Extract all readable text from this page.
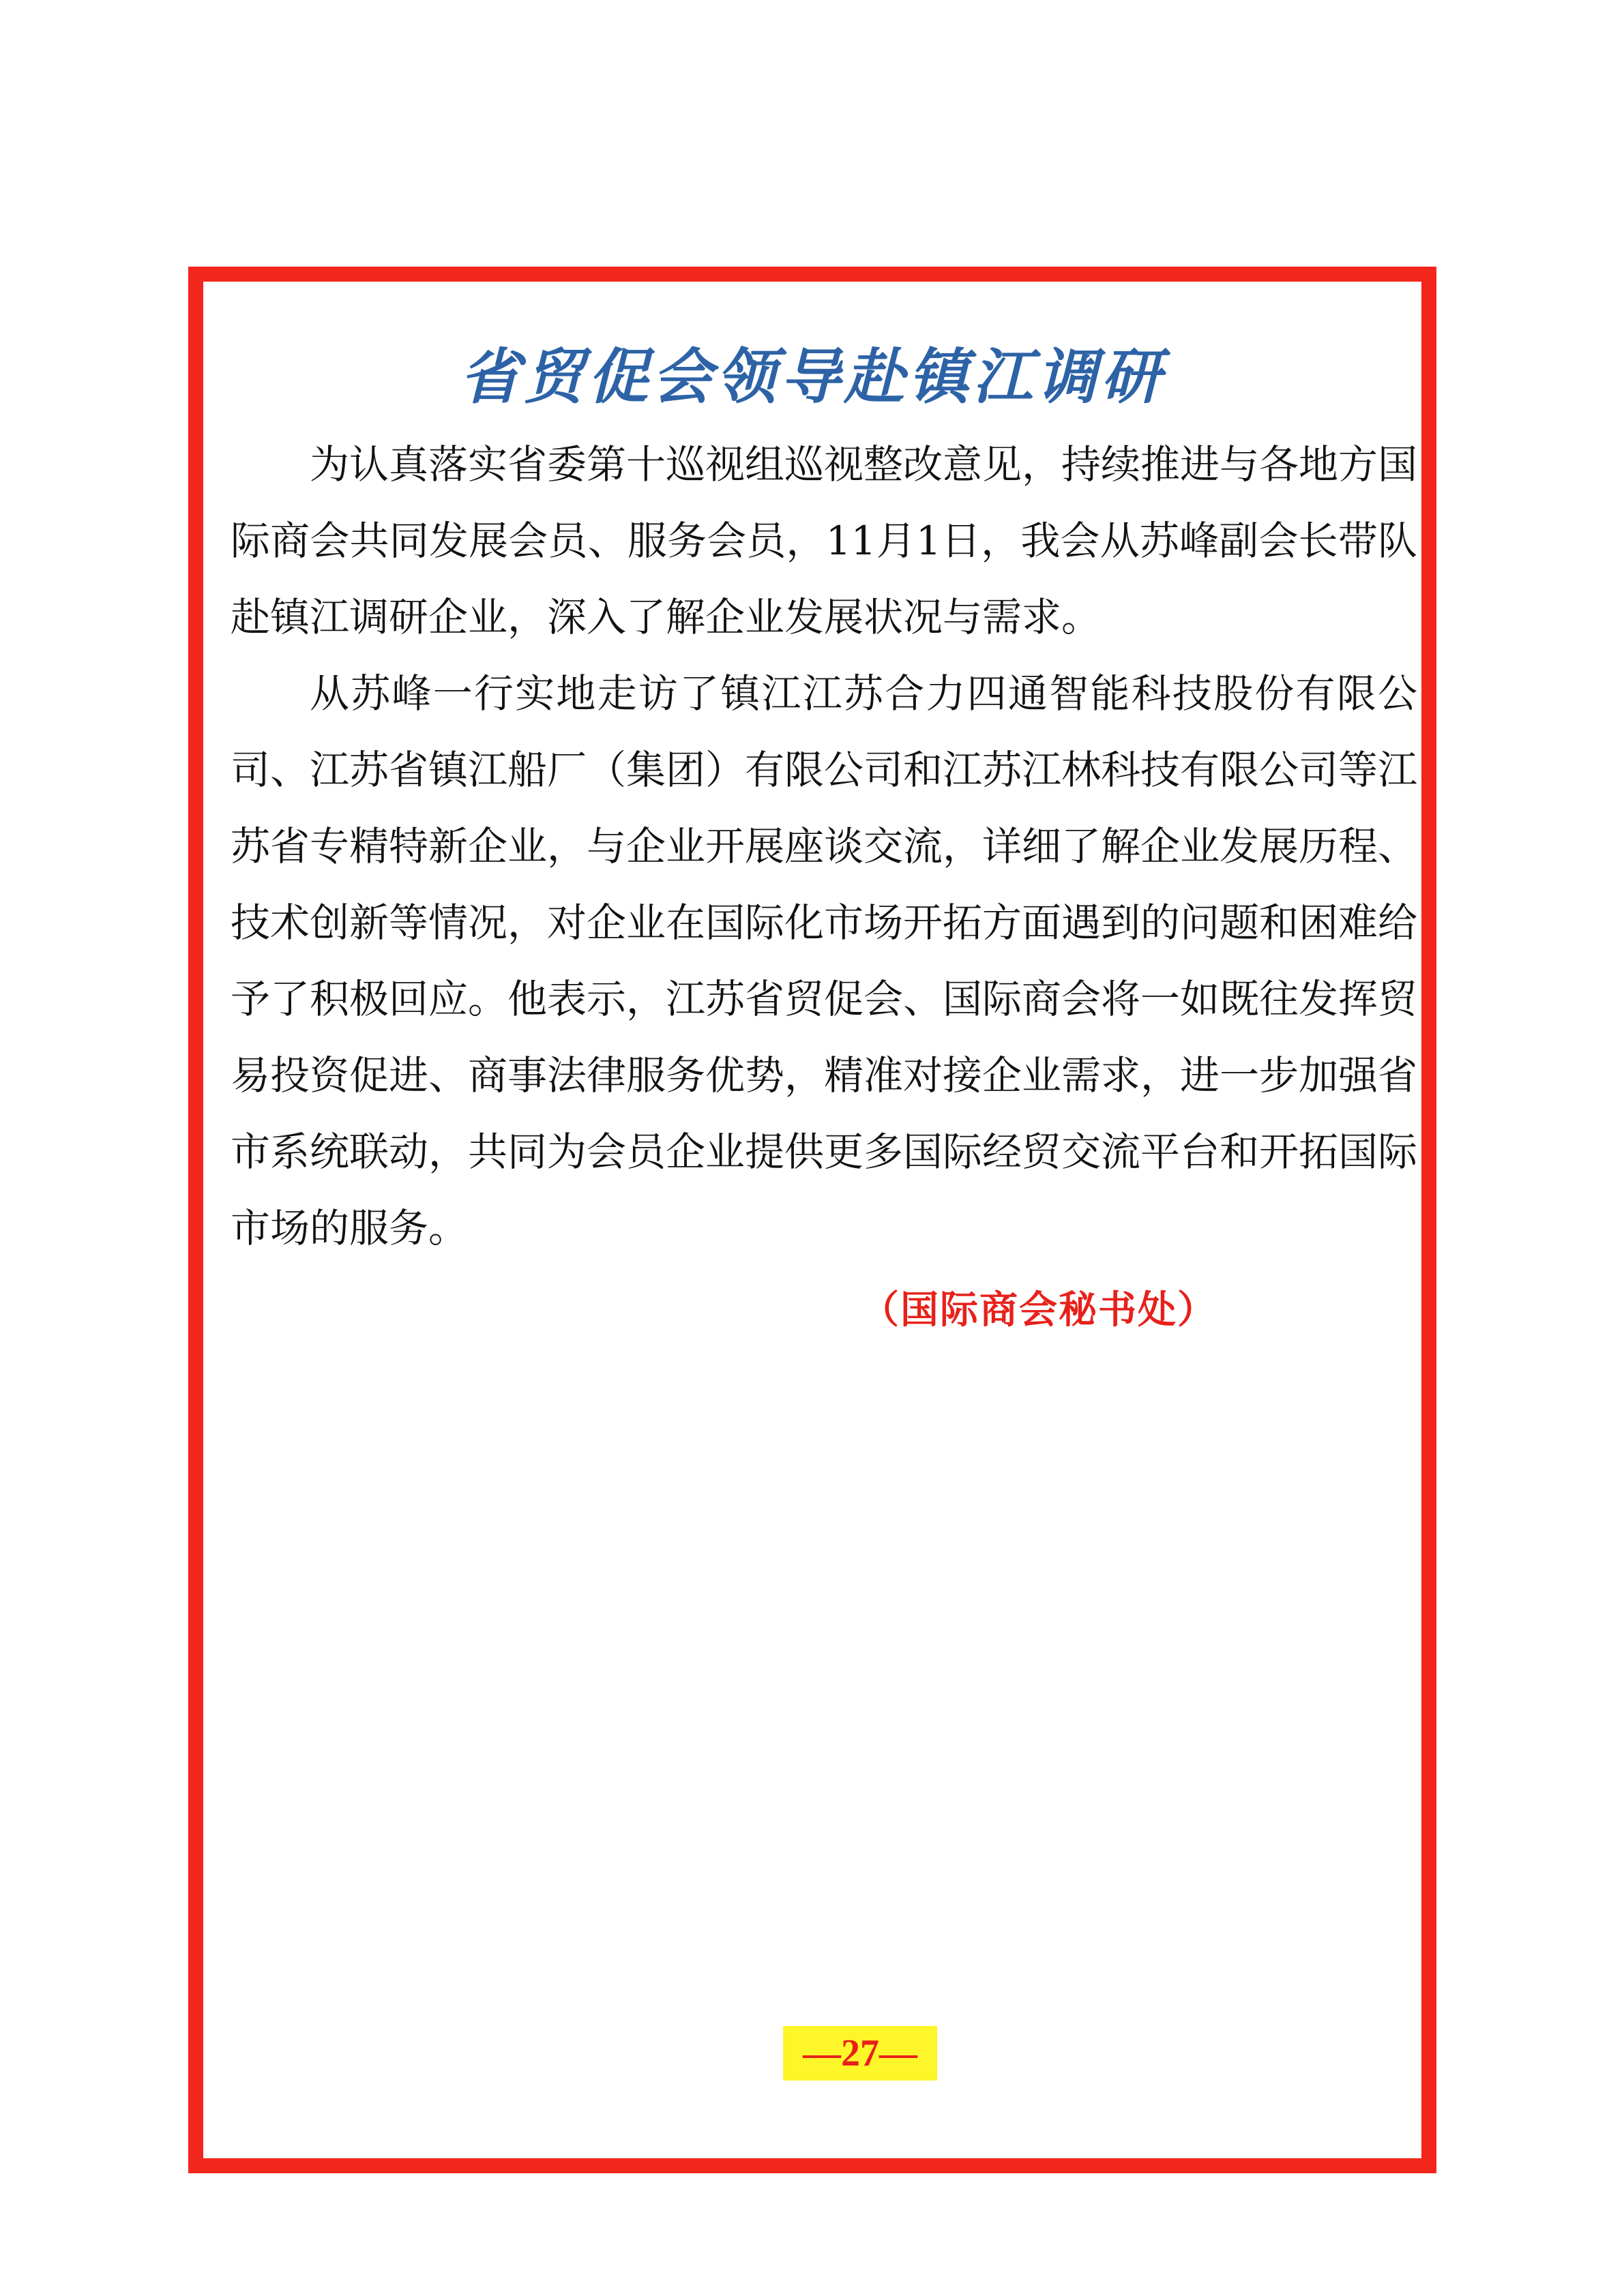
省贸促会领导赴镇江调研

为认真落实省委第十巡视组巡视整改意见，持续推进与各地方国际商会共同发展会员、服务会员，11月1日，我会从苏峰副会长带队赴镇江调研企业，深入了解企业发展状况与需求。

从苏峰一行实地走访了镇江江苏合力四通智能科技股份有限公司、江苏省镇江船厂（集团）有限公司和江苏江林科技有限公司等江苏省专精特新企业，与企业开展座谈交流，详细了解企业发展历程、技术创新等情况，对企业在国际化市场开拓方面遇到的问题和困难给予了积极回应。他表示，江苏省贸促会、国际商会将一如既往发挥贸易投资促进、商事法律服务优势，精准对接企业需求，进一步加强省市系统联动，共同为会员企业提供更多国际经贸交流平台和开拓国际市场的服务。

（国际商会秘书处）
—27—
